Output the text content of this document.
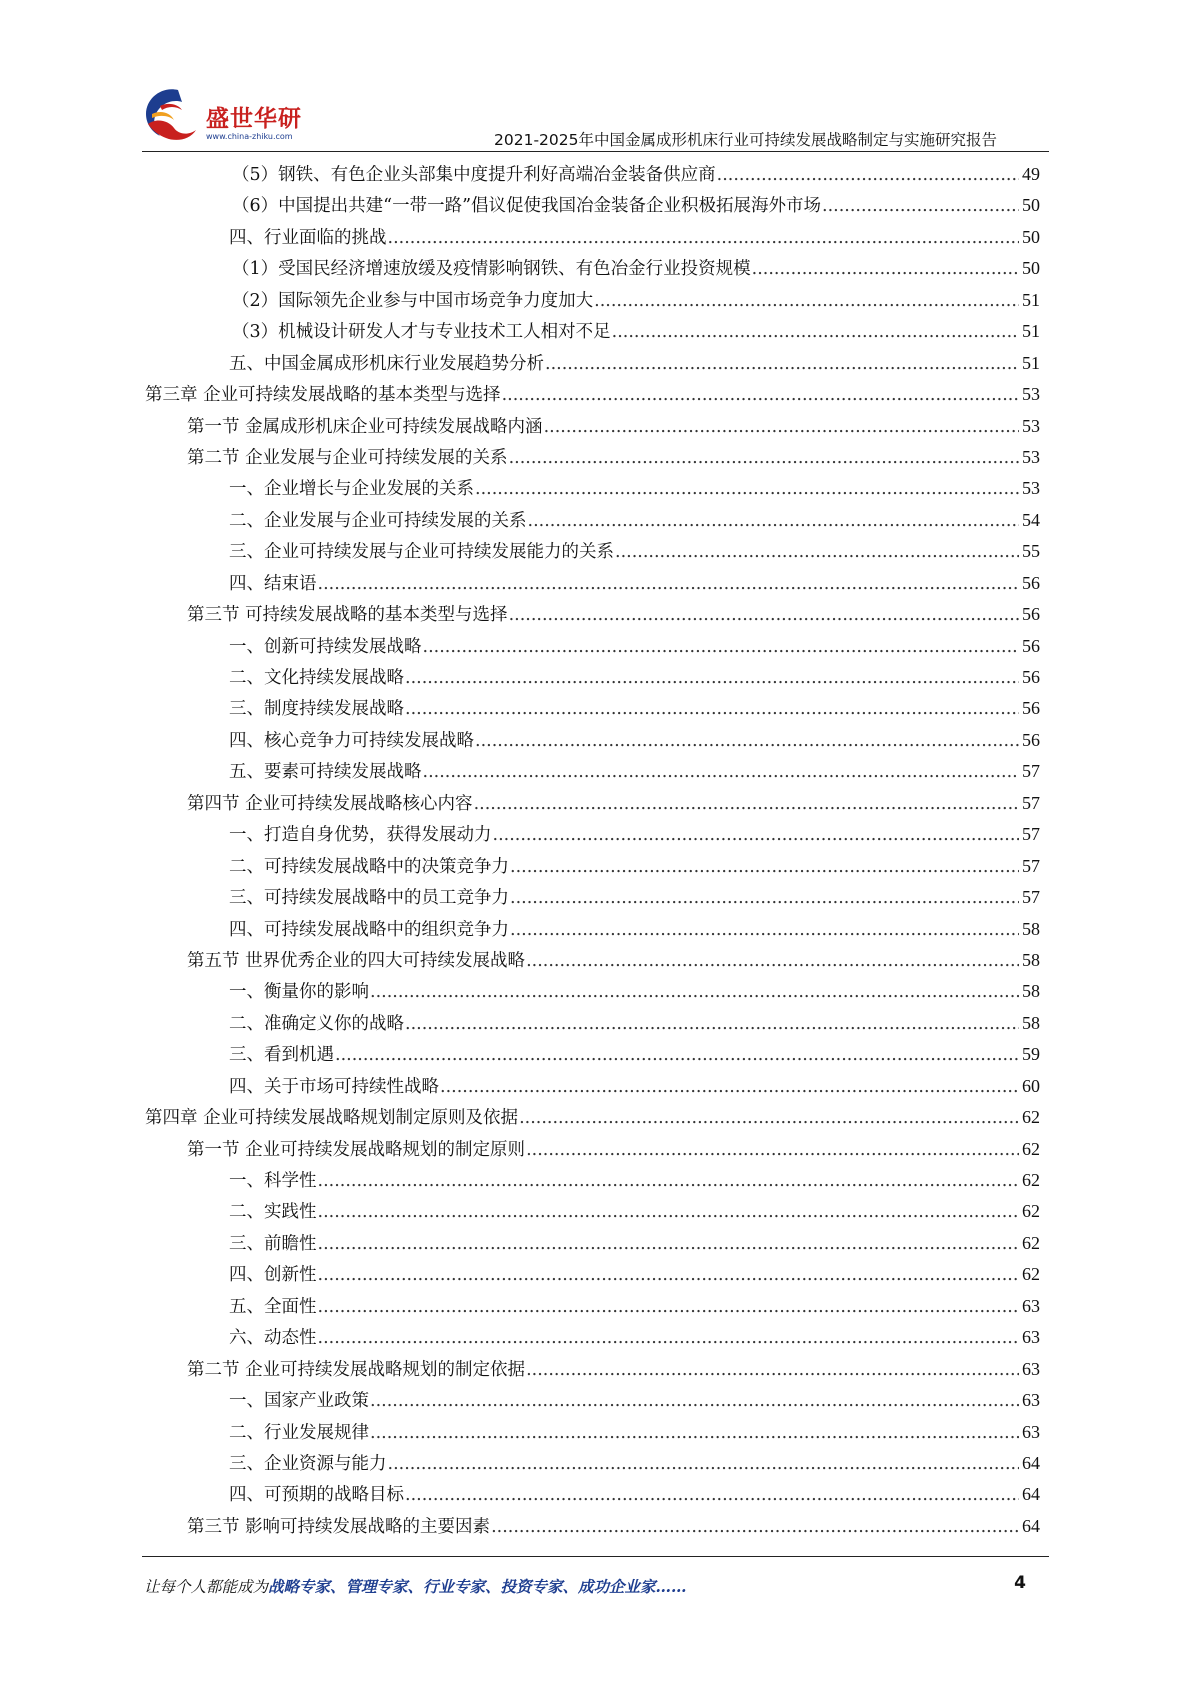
盛世华研
www.china-zhiku.com	2021-2025年中国金属成形机床行业可持续发展战略制定与实施研究报告
（5）钢铁、有色企业头部集中度提升利好高端冶金装备供应商 .....	49
（6）中国提出共建“一带一路”倡议促使我国冶金装备企业积极拓展海外市场 .....	50
四、行业面临的挑战 .....	50
（1）受国民经济增速放缓及疫情影响钢铁、有色冶金行业投资规模 .....	50
（2）国际领先企业参与中国市场竞争力度加大 .....	51
（3）机械设计研发人才与专业技术工人相对不足 .....	51
五、中国金属成形机床行业发展趋势分析 .....	51
第三章 企业可持续发展战略的基本类型与选择 .....	53
第一节 金属成形机床企业可持续发展战略内涵 .....	53
第二节 企业发展与企业可持续发展的关系 .....	53
一、企业增长与企业发展的关系 .....	53
二、企业发展与企业可持续发展的关系 .....	54
三、企业可持续发展与企业可持续发展能力的关系 .....	55
四、结束语 .....	56
第三节 可持续发展战略的基本类型与选择 .....	56
一、创新可持续发展战略 .....	56
二、文化持续发展战略 .....	56
三、制度持续发展战略 .....	56
四、核心竞争力可持续发展战略 .....	56
五、要素可持续发展战略 .....	57
第四节 企业可持续发展战略核心内容 .....	57
一、打造自身优势，获得发展动力 .....	57
二、可持续发展战略中的决策竞争力 .....	57
三、可持续发展战略中的员工竞争力 .....	57
四、可持续发展战略中的组织竞争力 .....	58
第五节 世界优秀企业的四大可持续发展战略 .....	58
一、衡量你的影响 .....	58
二、准确定义你的战略 .....	58
三、看到机遇 .....	59
四、关于市场可持续性战略 .....	60
第四章 企业可持续发展战略规划制定原则及依据 .....	62
第一节 企业可持续发展战略规划的制定原则 .....	62
一、科学性 .....	62
二、实践性 .....	62
三、前瞻性 .....	62
四、创新性 .....	62
五、全面性 .....	63
六、动态性 .....	63
第二节 企业可持续发展战略规划的制定依据 .....	63
一、国家产业政策 .....	63
二、行业发展规律 .....	63
三、企业资源与能力 .....	64
四、可预期的战略目标 .....	64
第三节 影响可持续发展战略的主要因素 .....	64
让每个人都能成为战略专家、管理专家、行业专家、投资专家、成功企业家……	4
